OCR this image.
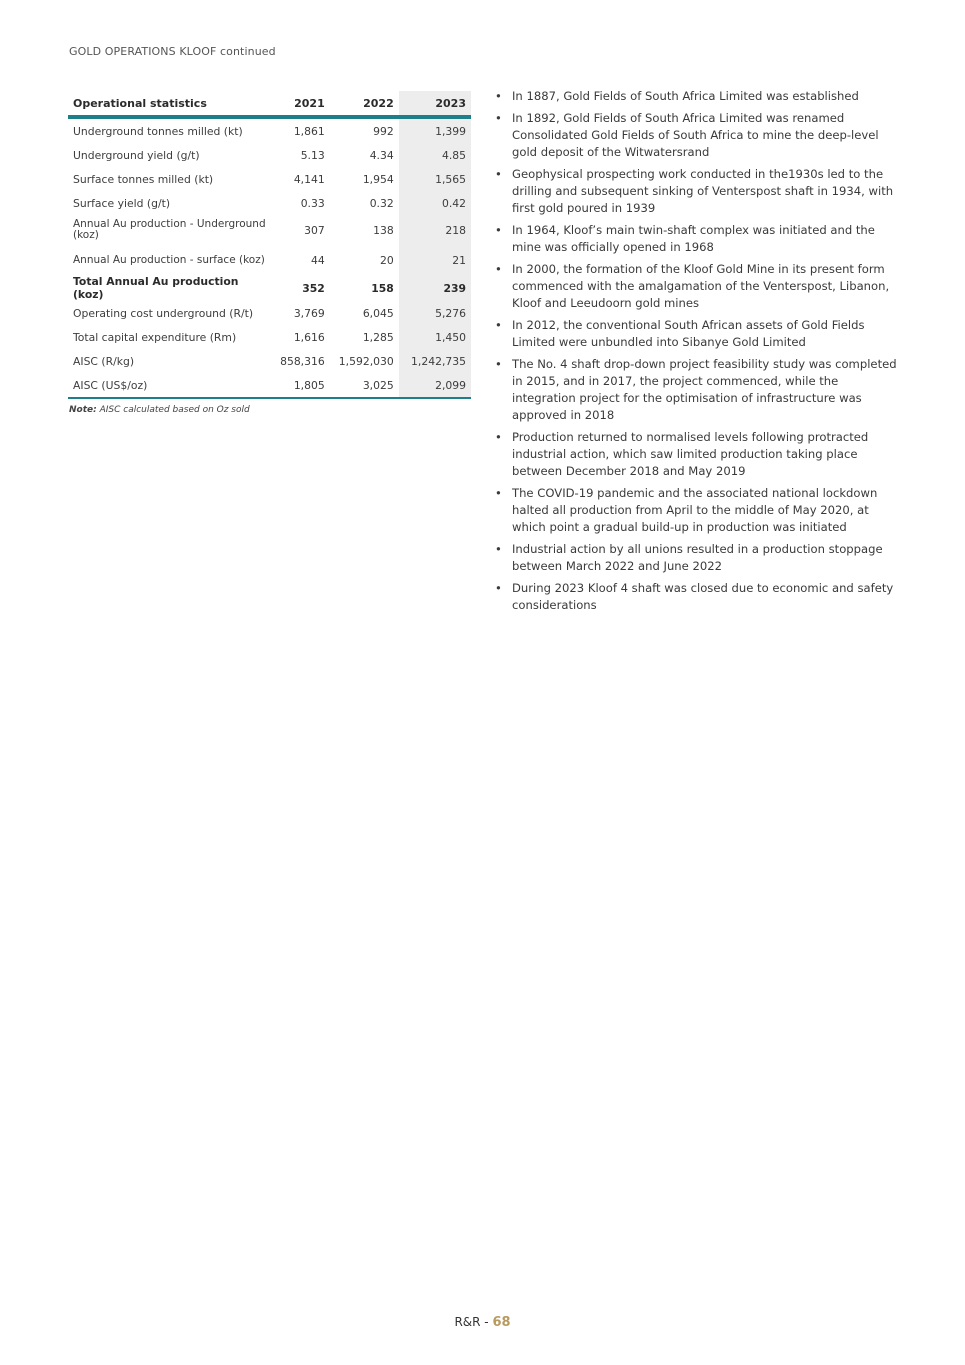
GOLD OPERATIONS KLOOF continued
Operational statistics	2021	2022	2023
Underground tonnes milled (kt)	1,861	992	1,399
Underground yield (g/t)	5.13	4.34	4.85
Surface tonnes milled (kt)	4,141	1,954	1,565
Surface yield (g/t)	0.33	0.32	0.42
Annual Au production - Underground (koz)	307	138	218
Annual Au production - surface (koz)	44	20	21
Total Annual Au production (koz)	352	158	239
Operating cost underground (R/t)	3,769	6,045	5,276
Total capital expenditure (Rm)	1,616	1,285	1,450
AISC (R/kg)	858,316	1,592,030	1,242,735
AISC (US$/oz)	1,805	3,025	2,099
Note: AISC calculated based on Oz sold
• In 1887, Gold Fields of South Africa Limited was established
• In 1892, Gold Fields of South Africa Limited was renamed Consolidated Gold Fields of South Africa to mine the deep-level gold deposit of the Witwatersrand
• Geophysical prospecting work conducted in the1930s led to the drilling and subsequent sinking of Venterspost shaft in 1934, with first gold poured in 1939
• In 1964, Kloof’s main twin-shaft complex was initiated and the mine was officially opened in 1968
• In 2000, the formation of the Kloof Gold Mine in its present form commenced with the amalgamation of the Venterspost, Libanon, Kloof and Leeudoorn gold mines
• In 2012, the conventional South African assets of Gold Fields Limited were unbundled into Sibanye Gold Limited
• The No. 4 shaft drop-down project feasibility study was completed in 2015, and in 2017, the project commenced, while the integration project for the optimisation of infrastructure was approved in 2018
• Production returned to normalised levels following protracted industrial action, which saw limited production taking place between December 2018 and May 2019
• The COVID-19 pandemic and the associated national lockdown halted all production from April to the middle of May 2020, at which point a gradual build-up in production was initiated
• Industrial action by all unions resulted in a production stoppage between March 2022 and June 2022
• During 2023 Kloof 4 shaft was closed due to economic and safety considerations
R&R - 68
